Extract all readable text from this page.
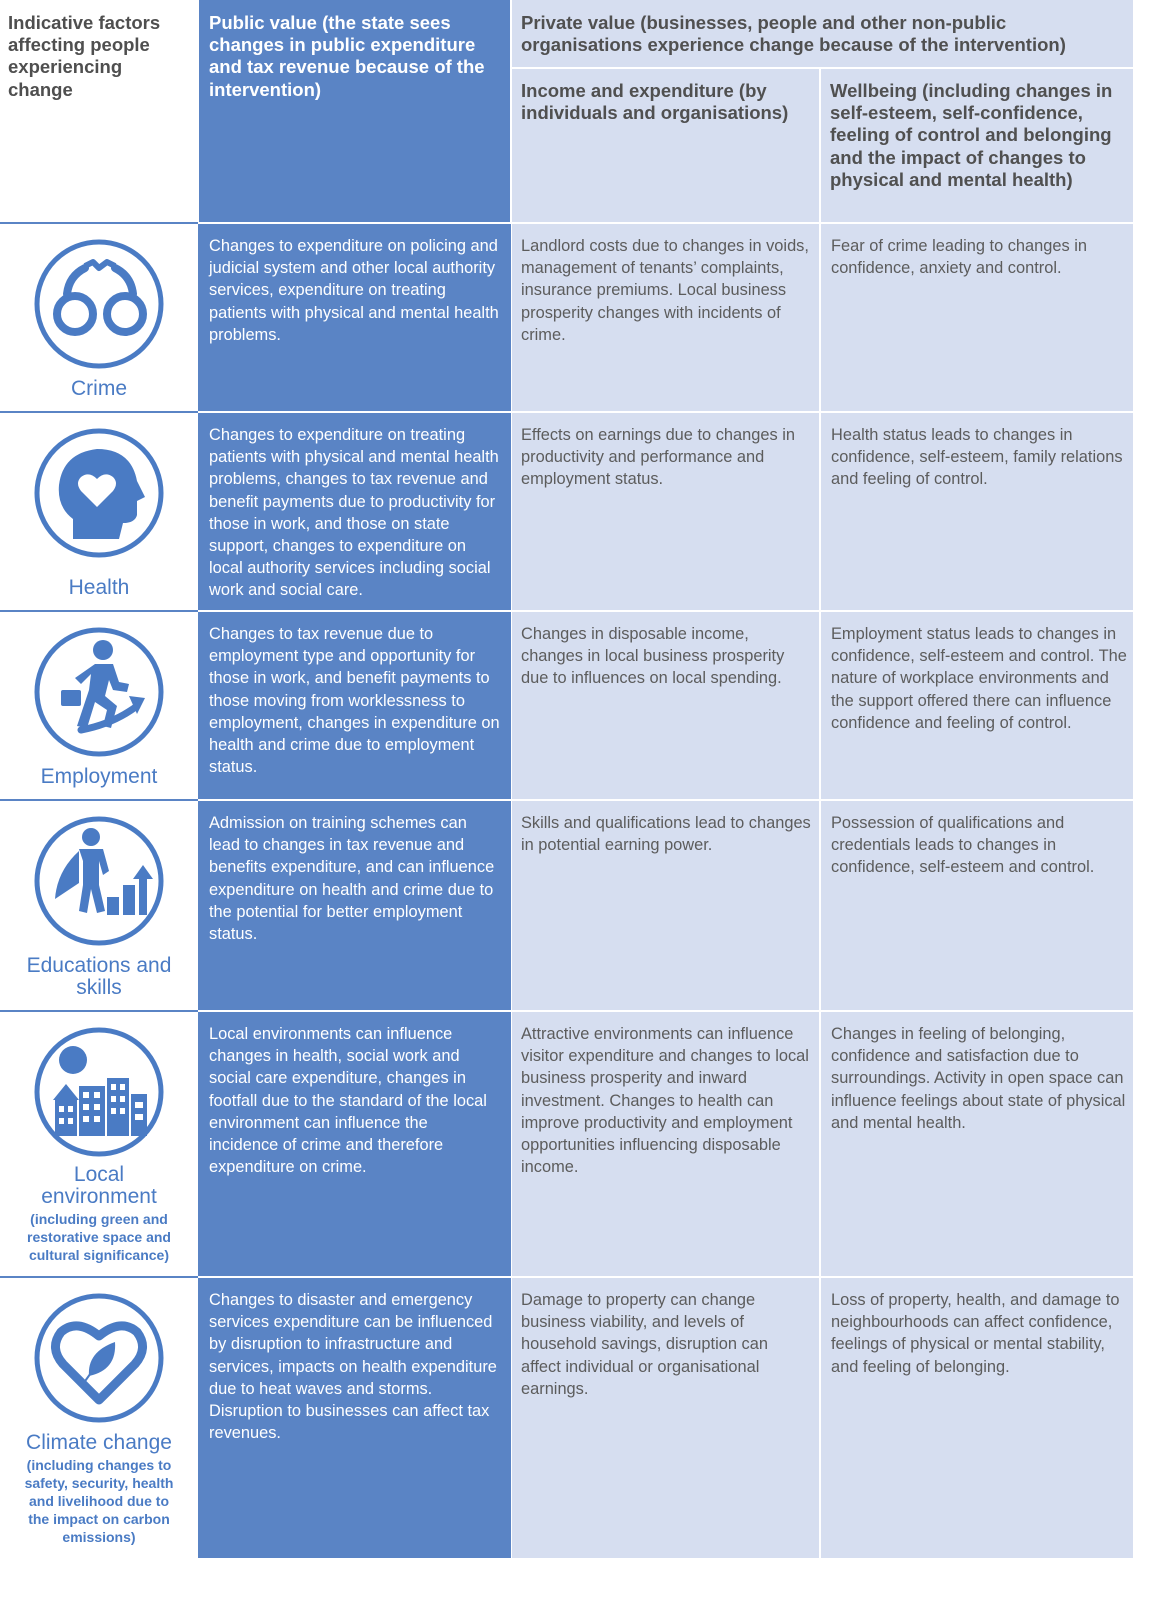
Indicative factors affecting people experiencing change
Public value (the state sees changes in public expenditure and tax revenue because of the intervention)
Private value (businesses, people and other non-public organisations experience change because of the intervention)
Income and expenditure (by individuals and organisations)
Wellbeing (including changes in self-esteem, self-confidence, feeling of control and belonging and the impact of changes to physical and mental health)
Crime
Changes to expenditure on policing and judicial system and other local authority services, expenditure on treating patients with physical and mental health problems.
Landlord costs due to changes in voids, management of tenants’ complaints, insurance premiums. Local business prosperity changes with incidents of crime.
Fear of crime leading to changes in confidence, anxiety and control.
Health
Changes to expenditure on treating patients with physical and mental health problems, changes to tax revenue and benefit payments due to productivity for those in work, and those on state support, changes to expenditure on local authority services including social work and social care.
Effects on earnings due to changes in productivity and performance and employment status.
Health status leads to changes in confidence, self-esteem, family relations and feeling of control.
Employment
Changes to tax revenue due to employment type and opportunity for those in work, and benefit payments to those moving from worklessness to employment, changes in expenditure on health and crime due to employment status.
Changes in disposable income, changes in local business prosperity due to influences on local spending.
Employment status leads to changes in confidence, self-esteem and control. The nature of workplace environments and the support offered there can influence confidence and feeling of control.
Educations and skills
Admission on training schemes can lead to changes in tax revenue and benefits expenditure, and can influence expenditure on health and crime due to the potential for better employment status.
Skills and qualifications lead to changes in potential earning power.
Possession of qualifications and credentials leads to changes in confidence, self-esteem and control.
Local environment
(including green and restorative space and cultural significance)
Local environments can influence changes in health, social work and social care expenditure, changes in footfall due to the standard of the local environment can influence the incidence of crime and therefore expenditure on crime.
Attractive environments can influence visitor expenditure and changes to local business prosperity and inward investment. Changes to health can improve productivity and employment opportunities influencing disposable income.
Changes in feeling of belonging, confidence and satisfaction due to surroundings. Activity in open space can influence feelings about state of physical and mental health.
Climate change
(including changes to safety, security, health and livelihood due to the impact on carbon emissions)
Changes to disaster and emergency services expenditure can be influenced by disruption to infrastructure and services, impacts on health expenditure due to heat waves and storms. Disruption to businesses can affect tax revenues.
Damage to property can change business viability, and levels of household savings, disruption can affect individual or organisational earnings.
Loss of property, health, and damage to neighbourhoods can affect confidence, feelings of physical or mental stability, and feeling of belonging.
